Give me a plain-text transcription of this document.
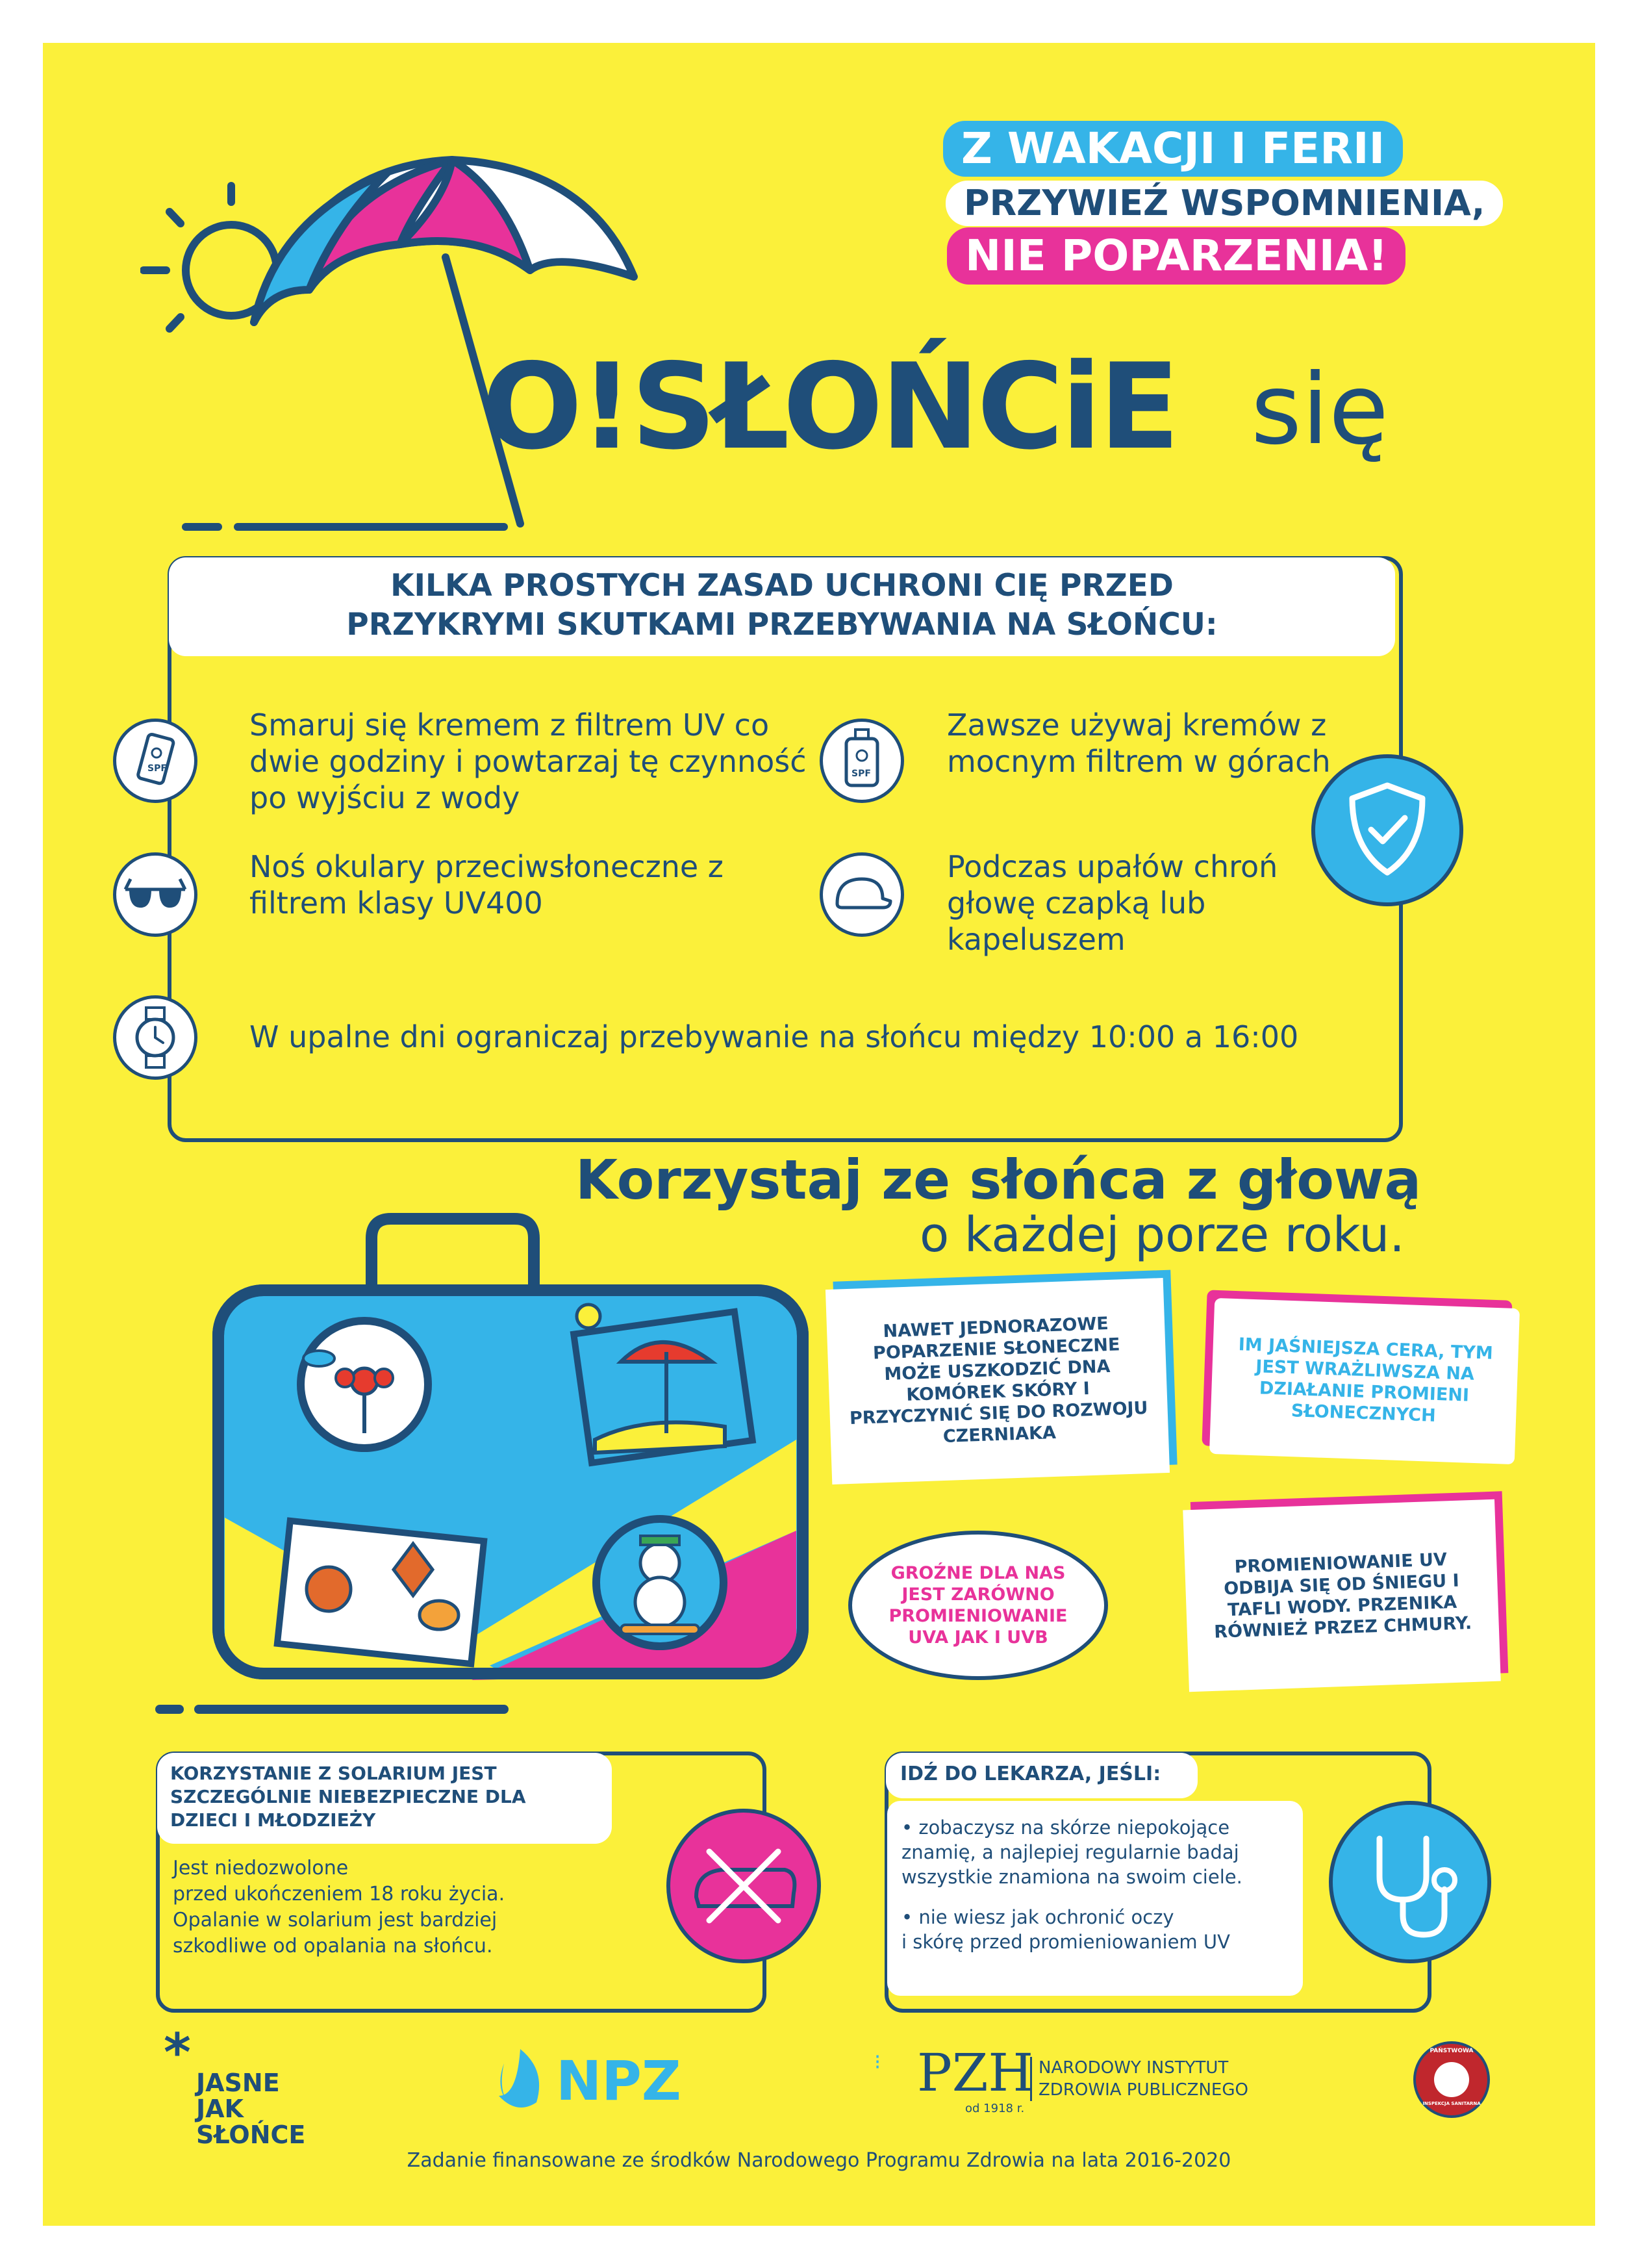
Z WAKACJI I FERII
PRZYWIEŹ WSPOMNIENIA,
NIE POPARZENIA!
O!SŁOŃCiE się
KILKA PROSTYCH ZASAD UCHRONI CIĘ PRZED
PRZYKRYMI SKUTKAMI PRZEBYWANIA NA SŁOŃCU:
SPF
Smaruj się kremem z filtrem UV co dwie godziny i powtarzaj tę czynność po wyjściu z wody
SPF
Zawsze używaj kremów z mocnym filtrem w górach
Noś okulary przeciwsłoneczne z filtrem klasy UV400
Podczas upałów chroń głowę czapką lub kapeluszem
W upalne dni ograniczaj przebywanie na słońcu między 10:00 a 16:00
Korzystaj ze słońca z głową
o każdej porze roku.
NAWET JEDNORAZOWE POPARZENIE SŁONECZNE MOŻE USZKODZIĆ DNA KOMÓREK SKÓRY I PRZYCZYNIĆ SIĘ DO ROZWOJU CZERNIAKA
IM JAŚNIEJSZA CERA, TYM JEST WRAŻLIWSZA NA DZIAŁANIE PROMIENI SŁONECZNYCH
GROŹNE DLA NAS JEST ZARÓWNO PROMIENIOWANIE UVA JAK I UVB
PROMIENIOWANIE UV ODBIJA SIĘ OD ŚNIEGU I TAFLI WODY. PRZENIKA RÓWNIEŻ PRZEZ CHMURY.
KORZYSTANIE Z SOLARIUM JEST SZCZEGÓLNIE NIEBEZPIECZNE DLA DZIECI I MŁODZIEŻY
Jest niedozwolone
przed ukończeniem 18 roku życia.
Opalanie w solarium jest bardziej
szkodliwe od opalania na słońcu.
IDŹ DO LEKARZA, JEŚLI:
• zobaczysz na skórze niepokojące
znamię, a najlepiej regularnie badaj
wszystkie znamiona na swoim ciele.
• nie wiesz jak ochronić oczy
i skórę przed promieniowaniem UV
* JASNE
JAK
SŁOŃCE
NPZ	⁝ PZH
od 1918 r.
NARODOWY INSTYTUT
ZDROWIA PUBLICZNEGO
PAŃSTWOWA
INSPEKCJA SANITARNA
Zadanie finansowane ze środków Narodowego Programu Zdrowia na lata 2016-2020
